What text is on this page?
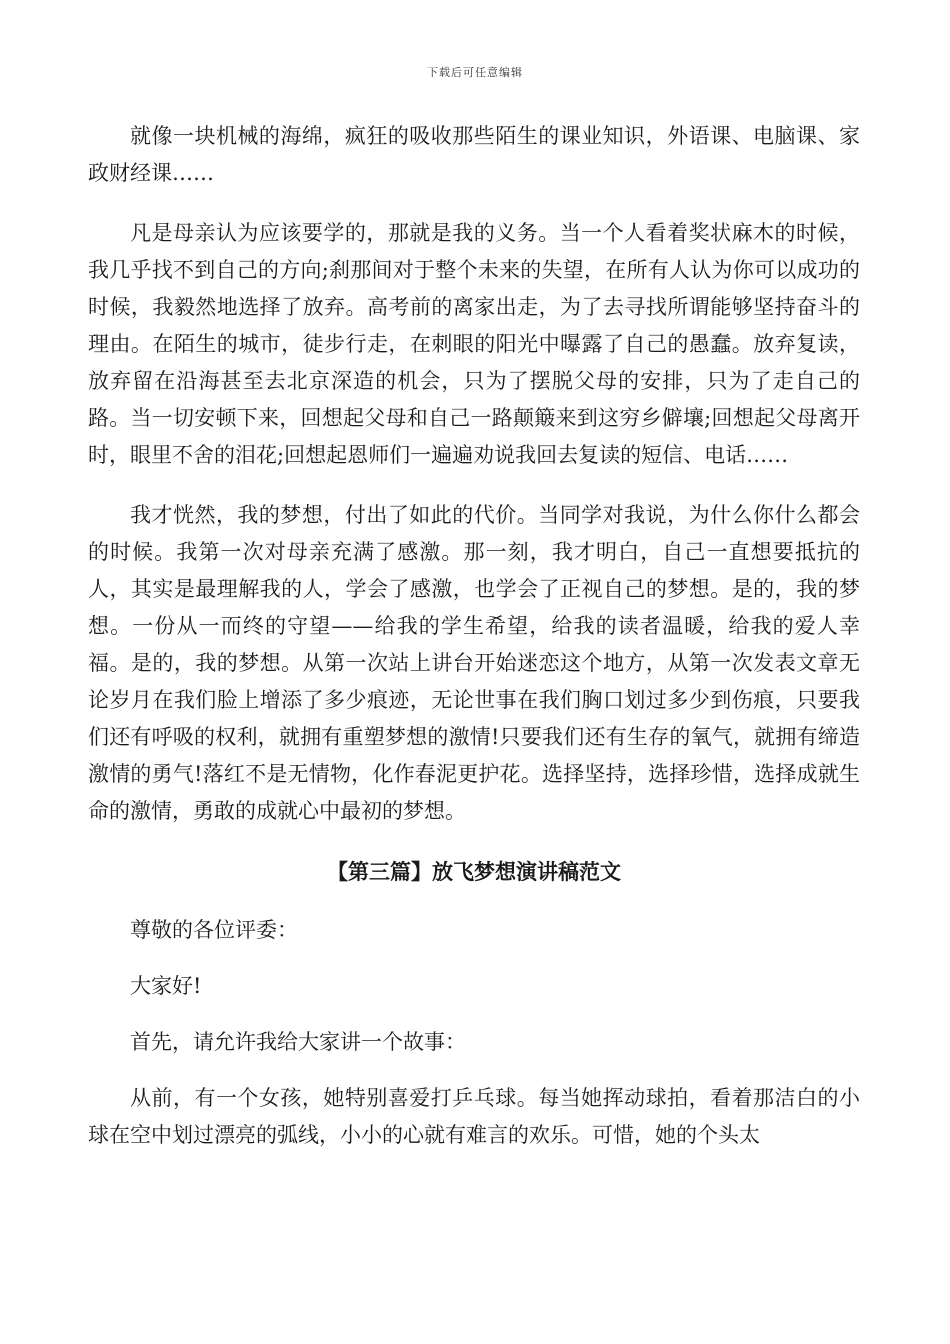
下载后可任意编辑

就像一块机械的海绵，疯狂的吸收那些陌生的课业知识，外语课、电脑课、家政财经课……

凡是母亲认为应该要学的，那就是我的义务。当一个人看着奖状麻木的时候，我几乎找不到自己的方向;刹那间对于整个未来的失望，在所有人认为你可以成功的时候，我毅然地选择了放弃。高考前的离家出走，为了去寻找所谓能够坚持奋斗的理由。在陌生的城市，徒步行走，在刺眼的阳光中曝露了自己的愚蠢。放弃复读，放弃留在沿海甚至去北京深造的机会，只为了摆脱父母的安排，只为了走自己的路。当一切安顿下来，回想起父母和自己一路颠簸来到这穷乡僻壤;回想起父母离开时，眼里不舍的泪花;回想起恩师们一遍遍劝说我回去复读的短信、电话……

我才恍然，我的梦想，付出了如此的代价。当同学对我说，为什么你什么都会的时候。我第一次对母亲充满了感激。那一刻，我才明白，自己一直想要抵抗的人，其实是最理解我的人，学会了感激，也学会了正视自己的梦想。是的，我的梦想。一份从一而终的守望——给我的学生希望，给我的读者温暖，给我的爱人幸福。是的，我的梦想。从第一次站上讲台开始迷恋这个地方，从第一次发表文章无论岁月在我们脸上增添了多少痕迹，无论世事在我们胸口划过多少到伤痕，只要我们还有呼吸的权利，就拥有重塑梦想的激情!只要我们还有生存的氧气，就拥有缔造激情的勇气!落红不是无情物，化作春泥更护花。选择坚持，选择珍惜，选择成就生命的激情，勇敢的成就心中最初的梦想。

【第三篇】放飞梦想演讲稿范文

尊敬的各位评委：

大家好!

首先，请允许我给大家讲一个故事：

从前，有一个女孩，她特别喜爱打乒乓球。每当她挥动球拍，看着那洁白的小球在空中划过漂亮的弧线，小小的心就有难言的欢乐。可惜，她的个头太
